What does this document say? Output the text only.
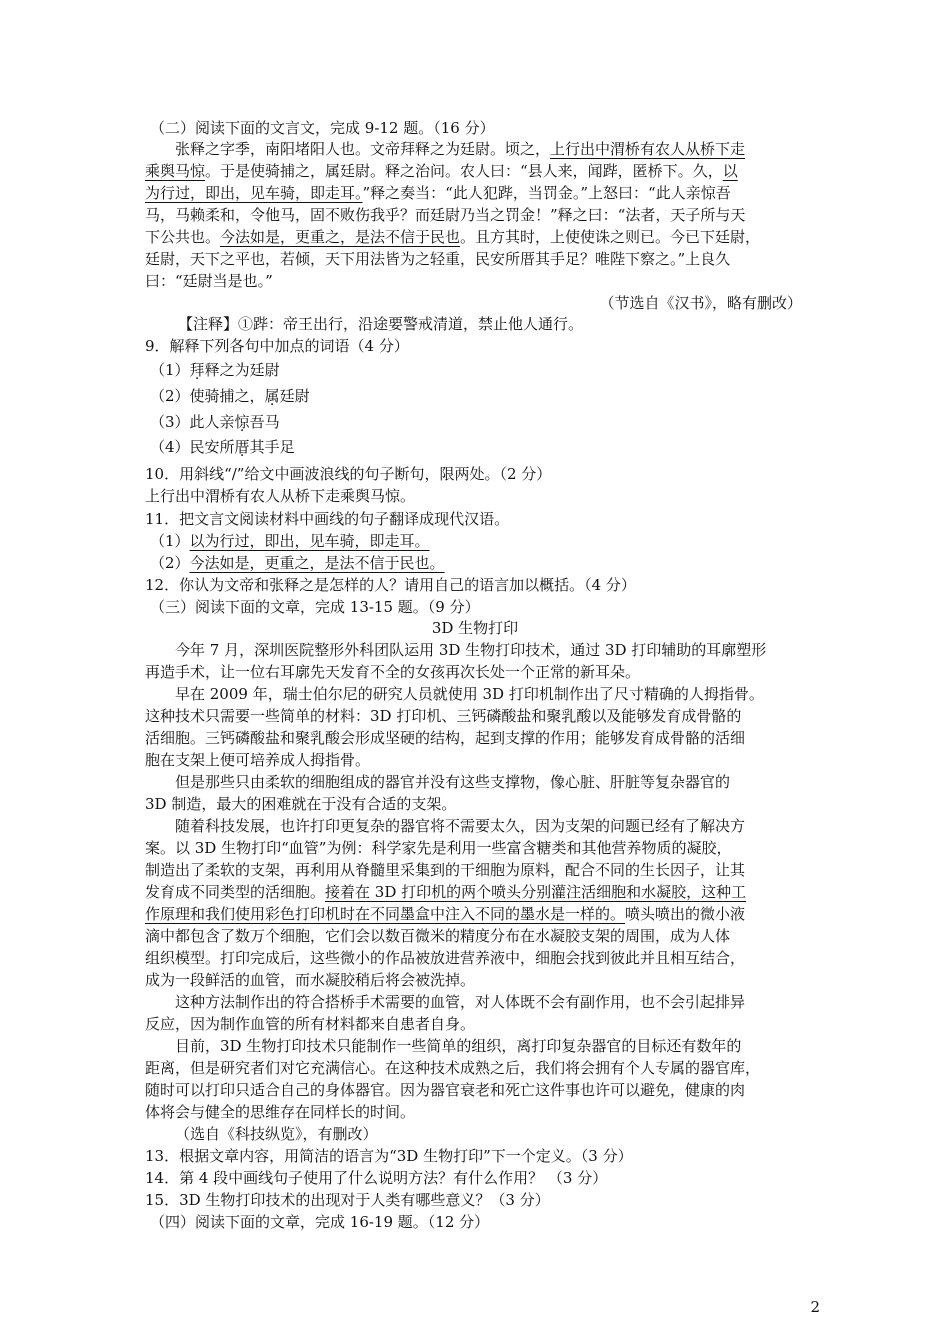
（二）阅读下面的文言文，完成 9-12 题。（16 分）
张释之字季，南阳堵阳人也。文帝拜释之为廷尉。顷之，上行出中渭桥有农人从桥下走
乘舆马惊。于是使骑捕之，属廷尉。释之治问。农人曰：“县人来，闻跸，匿桥下。久，以
为行过，即出，见车骑，即走耳。”释之奏当：“此人犯跸，当罚金。”上怒曰：“此人亲惊吾
马，马赖柔和，令他马，固不败伤我乎？而廷尉乃当之罚金！”释之曰：“法者，天子所与天
下公共也。今法如是，更重之，是法不信于民也。且方其时，上使使诛之则已。今已下廷尉，
廷尉，天下之平也，若倾，天下用法皆为之轻重，民安所厝其手足？唯陛下察之。”上良久
曰：“廷尉当是也。”
（节选自《汉书》，略有删改）
【注释】①跸：帝王出行，沿途要警戒清道，禁止他人通行。
9．解释下列各句中加点的词语（4 分）
（1）拜释之为廷尉
（2）使骑捕之，属廷尉
（3）此人亲惊吾马
（4）民安所厝其手足
10．用斜线“/”给文中画波浪线的句子断句，限两处。（2 分）
上行出中渭桥有农人从桥下走乘舆马惊。
11．把文言文阅读材料中画线的句子翻译成现代汉语。
（1）以为行过，即出，见车骑，即走耳。
（2）今法如是，更重之，是法不信于民也。
12．你认为文帝和张释之是怎样的人？请用自己的语言加以概括。（4 分）
（三）阅读下面的文章，完成 13-15 题。（9 分）
3D 生物打印
今年 7 月，深圳医院整形外科团队运用 3D 生物打印技术，通过 3D 打印辅助的耳廓塑形
再造手术，让一位右耳廓先天发育不全的女孩再次长处一个正常的新耳朵。
早在 2009 年，瑞士伯尔尼的研究人员就使用 3D 打印机制作出了尺寸精确的人拇指骨。
这种技术只需要一些简单的材料：3D 打印机、三钙磷酸盐和聚乳酸以及能够发育成骨骼的
活细胞。三钙磷酸盐和聚乳酸会形成坚硬的结构，起到支撑的作用；能够发育成骨骼的活细
胞在支架上便可培养成人拇指骨。
但是那些只由柔软的细胞组成的器官并没有这些支撑物，像心脏、肝脏等复杂器官的
3D 制造，最大的困难就在于没有合适的支架。
随着科技发展，也许打印更复杂的器官将不需要太久，因为支架的问题已经有了解决方
案。以 3D 生物打印“血管”为例：科学家先是利用一些富含糖类和其他营养物质的凝胶，
制造出了柔软的支架，再利用从脊髓里采集到的干细胞为原料，配合不同的生长因子，让其
发育成不同类型的活细胞。接着在 3D 打印机的两个喷头分别灌注活细胞和水凝胶，这种工
作原理和我们使用彩色打印机时在不同墨盒中注入不同的墨水是一样的。喷头喷出的微小液
滴中都包含了数万个细胞，它们会以数百微米的精度分布在水凝胶支架的周围，成为人体
组织模型。打印完成后，这些微小的作品被放进营养液中，细胞会找到彼此并且相互结合，
成为一段鲜活的血管，而水凝胶稍后将会被洗掉。
这种方法制作出的符合搭桥手术需要的血管，对人体既不会有副作用，也不会引起排异
反应，因为制作血管的所有材料都来自患者自身。
目前，3D 生物打印技术只能制作一些简单的组织，离打印复杂器官的目标还有数年的
距离，但是研究者们对它充满信心。在这种技术成熟之后，我们将会拥有个人专属的器官库，
随时可以打印只适合自己的身体器官。因为器官衰老和死亡这件事也许可以避免，健康的肉
体将会与健全的思维存在同样长的时间。
（选自《科技纵览》，有删改）
13．根据文章内容，用简洁的语言为“3D 生物打印”下一个定义。（3 分）
14．第 4 段中画线句子使用了什么说明方法？有什么作用？ （3 分）
15．3D 生物打印技术的出现对于人类有哪些意义？（3 分）
（四）阅读下面的文章，完成 16-19 题。（12 分）
2
